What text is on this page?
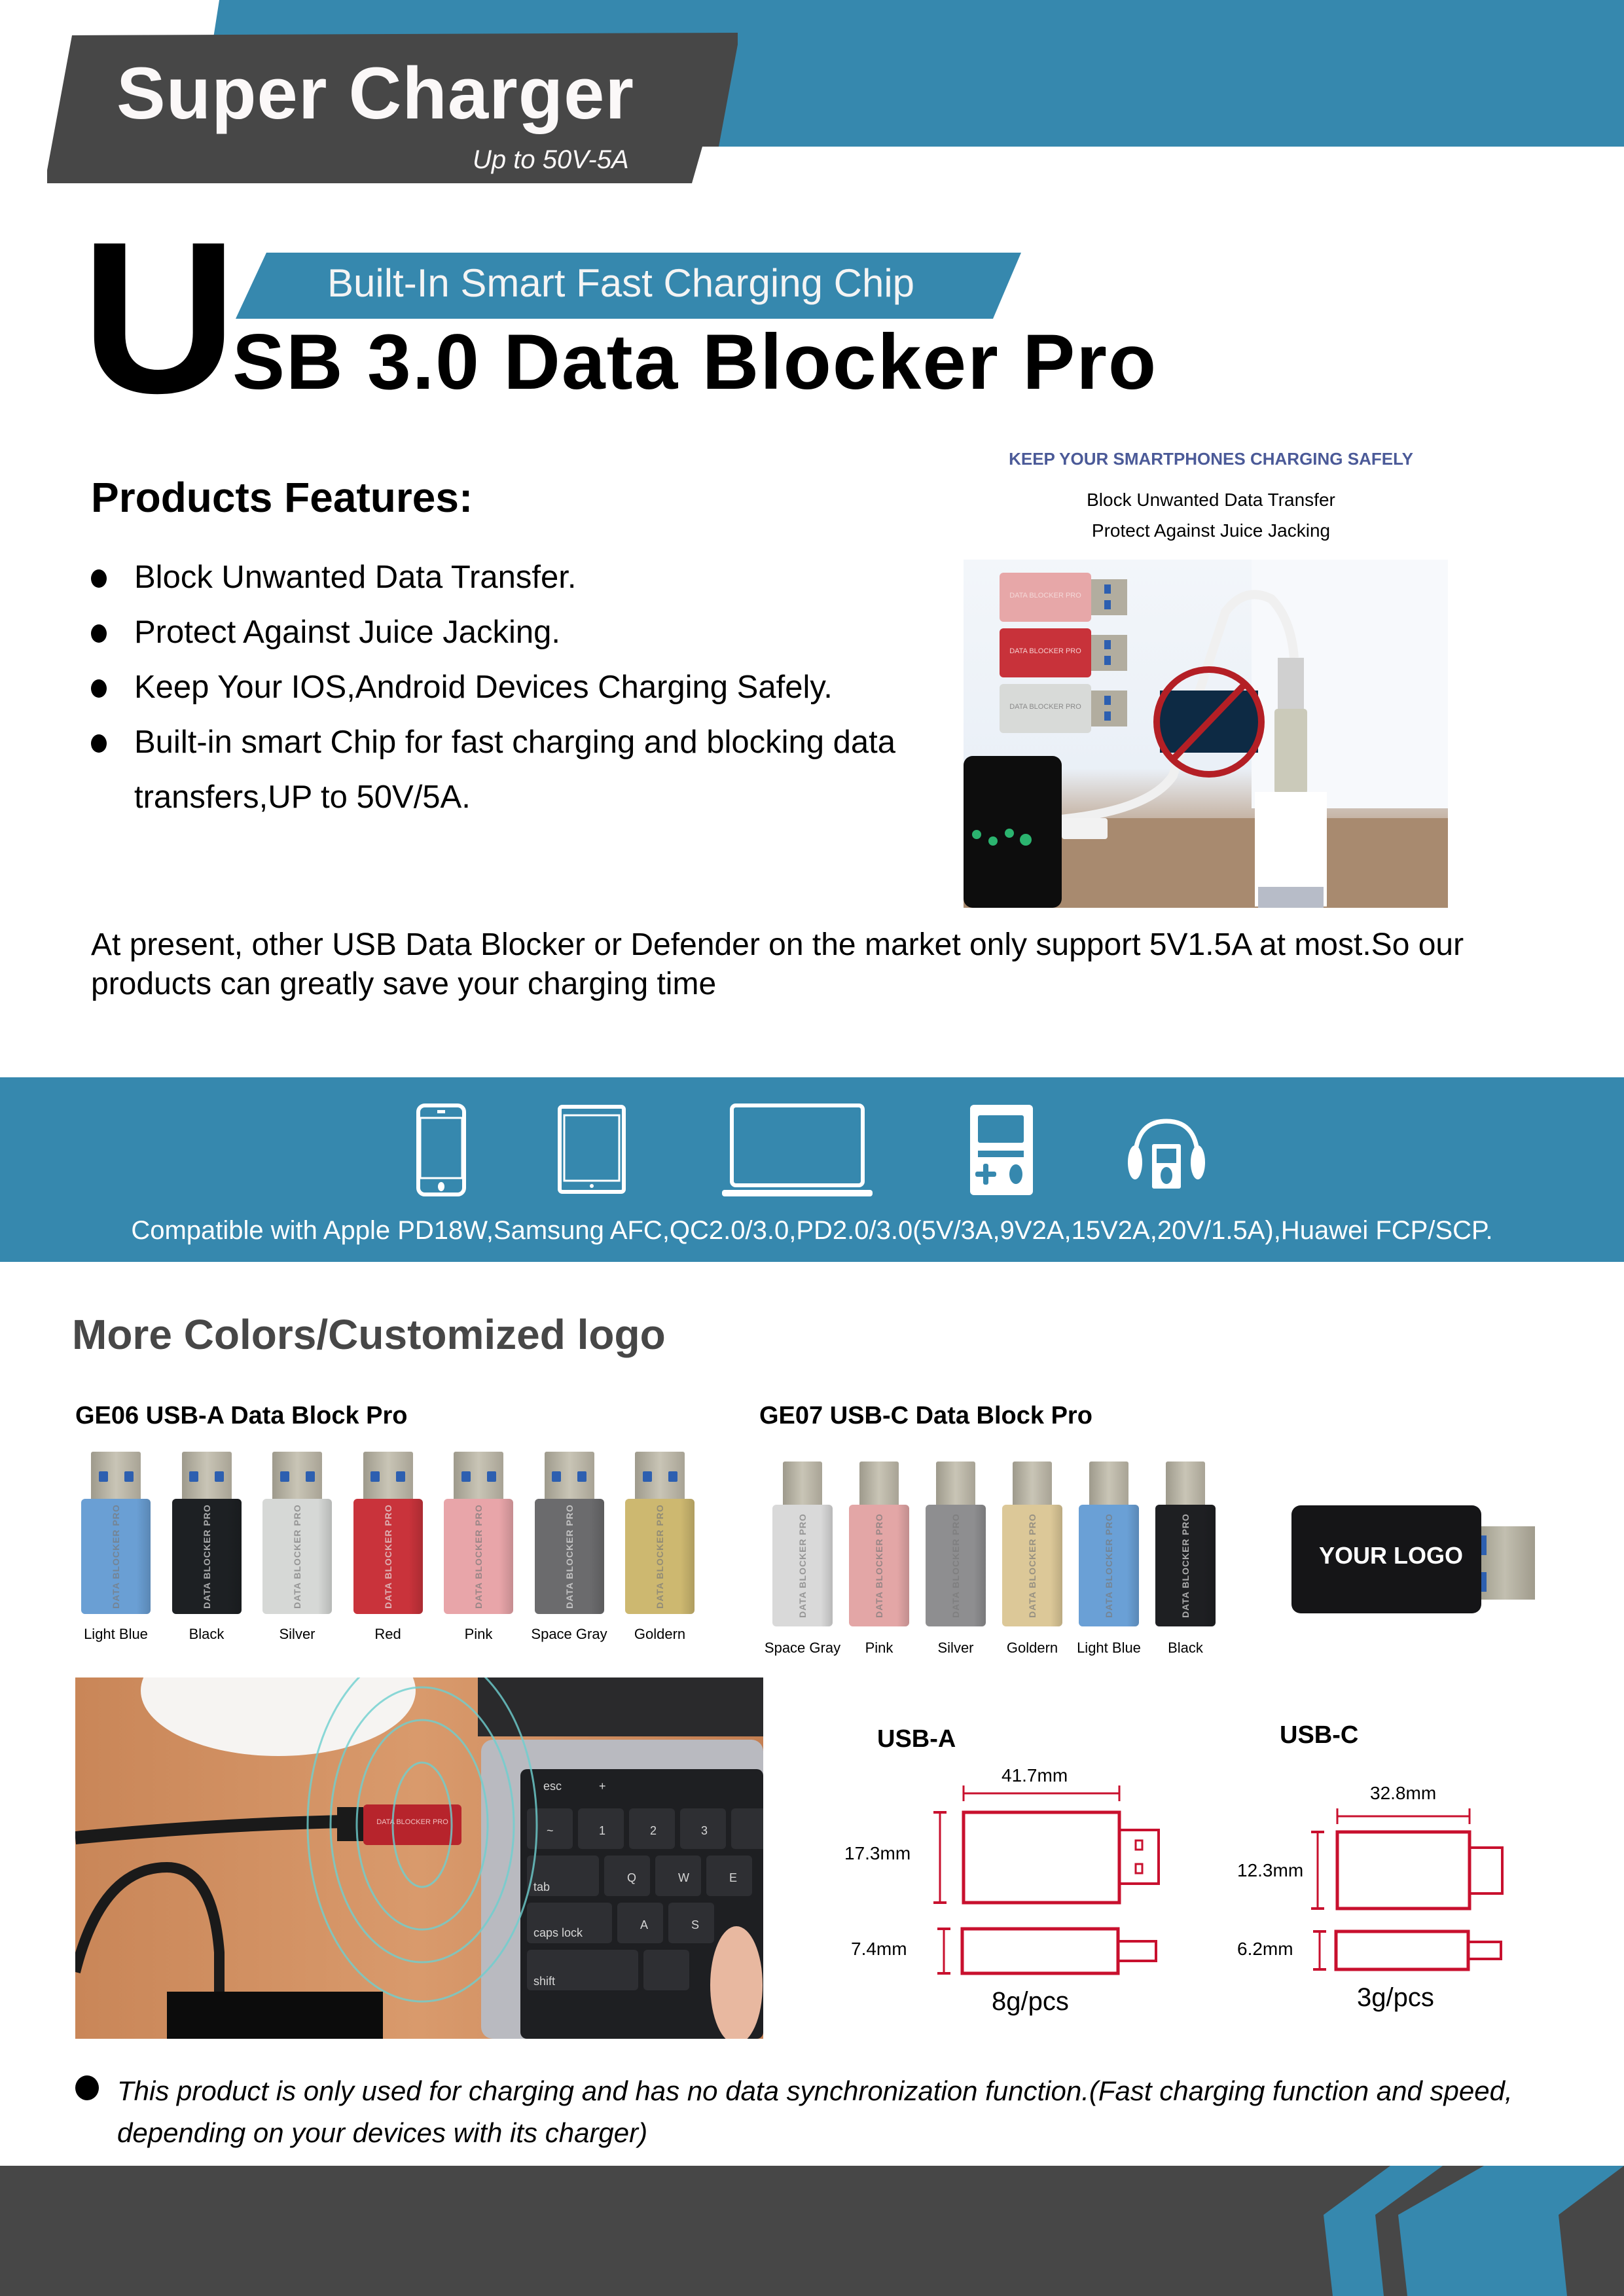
Super Charger
Up to 50V-5A
U Built-In Smart Fast Charging Chip
SB 3.0 Data Blocker Pro
Products Features:
Block Unwanted Data Transfer.
Protect Against Juice Jacking.
Keep Your IOS,Android Devices Charging Safely.
Built-in smart Chip for fast charging and blocking data transfers,UP to 50V/5A.
KEEP YOUR SMARTPHONES CHARGING SAFELY
Block Unwanted Data Transfer
Protect Against Juice Jacking
DATA BLOCKER PRO
DATA BLOCKER PRO
DATA BLOCKER PRO
At present, other USB Data Blocker or Defender on the market only support 5V1.5A at most.So our products can greatly save your charging time
Compatible with Apple PD18W,Samsung AFC,QC2.0/3.0,PD2.0/3.0(5V/3A,9V2A,15V2A,20V/1.5A),Huawei FCP/SCP.
More Colors/Customized logo
GE06 USB-A Data Block Pro	GE07 USB-C Data Block Pro
DATA BLOCKER PRO
Light Blue
DATA BLOCKER PRO
Black
DATA BLOCKER PRO
Silver
DATA BLOCKER PRO
Red
DATA BLOCKER PRO
Pink
DATA BLOCKER PRO
Space Gray
DATA BLOCKER PRO
Goldern
DATA BLOCKER PRO
Space Gray
DATA BLOCKER PRO
Pink
DATA BLOCKER PRO
Silver
DATA BLOCKER PRO
Goldern
DATA BLOCKER PRO
Light Blue
DATA BLOCKER PRO
Black
YOUR LOGO
esc	+
~	1	2	3
Q	W	E
tab
A	S
caps lock
shift
DATA BLOCKER PRO
USB-A	USB-C
41.7mm
17.3mm
7.4mm
8g/pcs
32.8mm
12.3mm
6.2mm
3g/pcs

This product is only used for charging and has no data synchronization function.(Fast charging function and speed, depending on your devices with its charger)
